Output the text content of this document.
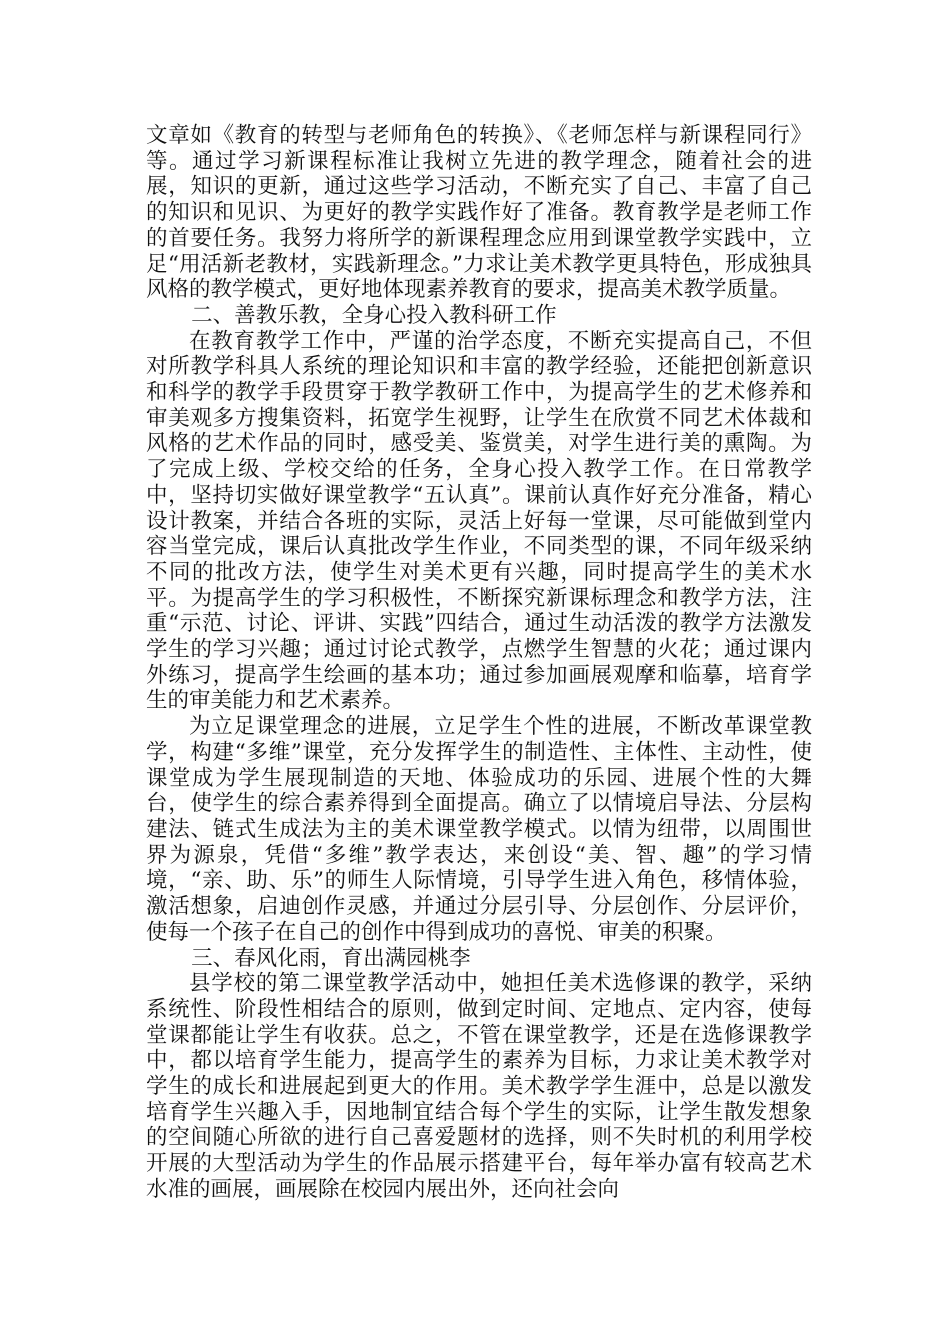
文章如《教育的转型与老师角色的转换》、《老师怎样与新课程同行》等。通过学习新课程标准让我树立先进的教学理念，随着社会的进展，知识的更新，通过这些学习活动，不断充实了自己、丰富了自己的知识和见识、为更好的教学实践作好了准备。教育教学是老师工作的首要任务。我努力将所学的新课程理念应用到课堂教学实践中，立足“用活新老教材，实践新理念。”力求让美术教学更具特色，形成独具风格的教学模式，更好地体现素养教育的要求，提高美术教学质量。

二、善教乐教，全身心投入教科研工作

在教育教学工作中，严谨的治学态度，不断充实提高自己，不但对所教学科具人系统的理论知识和丰富的教学经验，还能把创新意识和科学的教学手段贯穿于教学教研工作中，为提高学生的艺术修养和审美观多方搜集资料，拓宽学生视野，让学生在欣赏不同艺术体裁和风格的艺术作品的同时，感受美、鉴赏美，对学生进行美的熏陶。为了完成上级、学校交给的任务，全身心投入教学工作。在日常教学中，坚持切实做好课堂教学“五认真”。课前认真作好充分准备，精心设计教案，并结合各班的实际，灵活上好每一堂课，尽可能做到堂内容当堂完成，课后认真批改学生作业，不同类型的课，不同年级采纳不同的批改方法，使学生对美术更有兴趣，同时提高学生的美术水平。为提高学生的学习积极性，不断探究新课标理念和教学方法，注重“示范、讨论、评讲、实践”四结合，通过生动活泼的教学方法激发学生的学习兴趣；通过讨论式教学，点燃学生智慧的火花；通过课内外练习，提高学生绘画的基本功；通过参加画展观摩和临摹，培育学生的审美能力和艺术素养。

为立足课堂理念的进展，立足学生个性的进展，不断改革课堂教学，构建“多维”课堂，充分发挥学生的制造性、主体性、主动性，使课堂成为学生展现制造的天地、体验成功的乐园、进展个性的大舞台，使学生的综合素养得到全面提高。确立了以情境启导法、分层构建法、链式生成法为主的美术课堂教学模式。以情为纽带，以周围世界为源泉，凭借“多维”教学表达，来创设“美、智、趣”的学习情境，“亲、助、乐”的师生人际情境，引导学生进入角色，移情体验，激活想象，启迪创作灵感，并通过分层引导、分层创作、分层评价，使每一个孩子在自己的创作中得到成功的喜悦、审美的积聚。

三、春风化雨，育出满园桃李

县学校的第二课堂教学活动中，她担任美术选修课的教学，采纳系统性、阶段性相结合的原则，做到定时间、定地点、定内容，使每堂课都能让学生有收获。总之，不管在课堂教学，还是在选修课教学中，都以培育学生能力，提高学生的素养为目标，力求让美术教学对学生的成长和进展起到更大的作用。美术教学学生涯中，总是以激发培育学生兴趣入手，因地制宜结合每个学生的实际，让学生散发想象的空间随心所欲的进行自己喜爱题材的选择，则不失时机的利用学校开展的大型活动为学生的作品展示搭建平台，每年举办富有较高艺术水准的画展，画展除在校园内展出外，还向社会向
